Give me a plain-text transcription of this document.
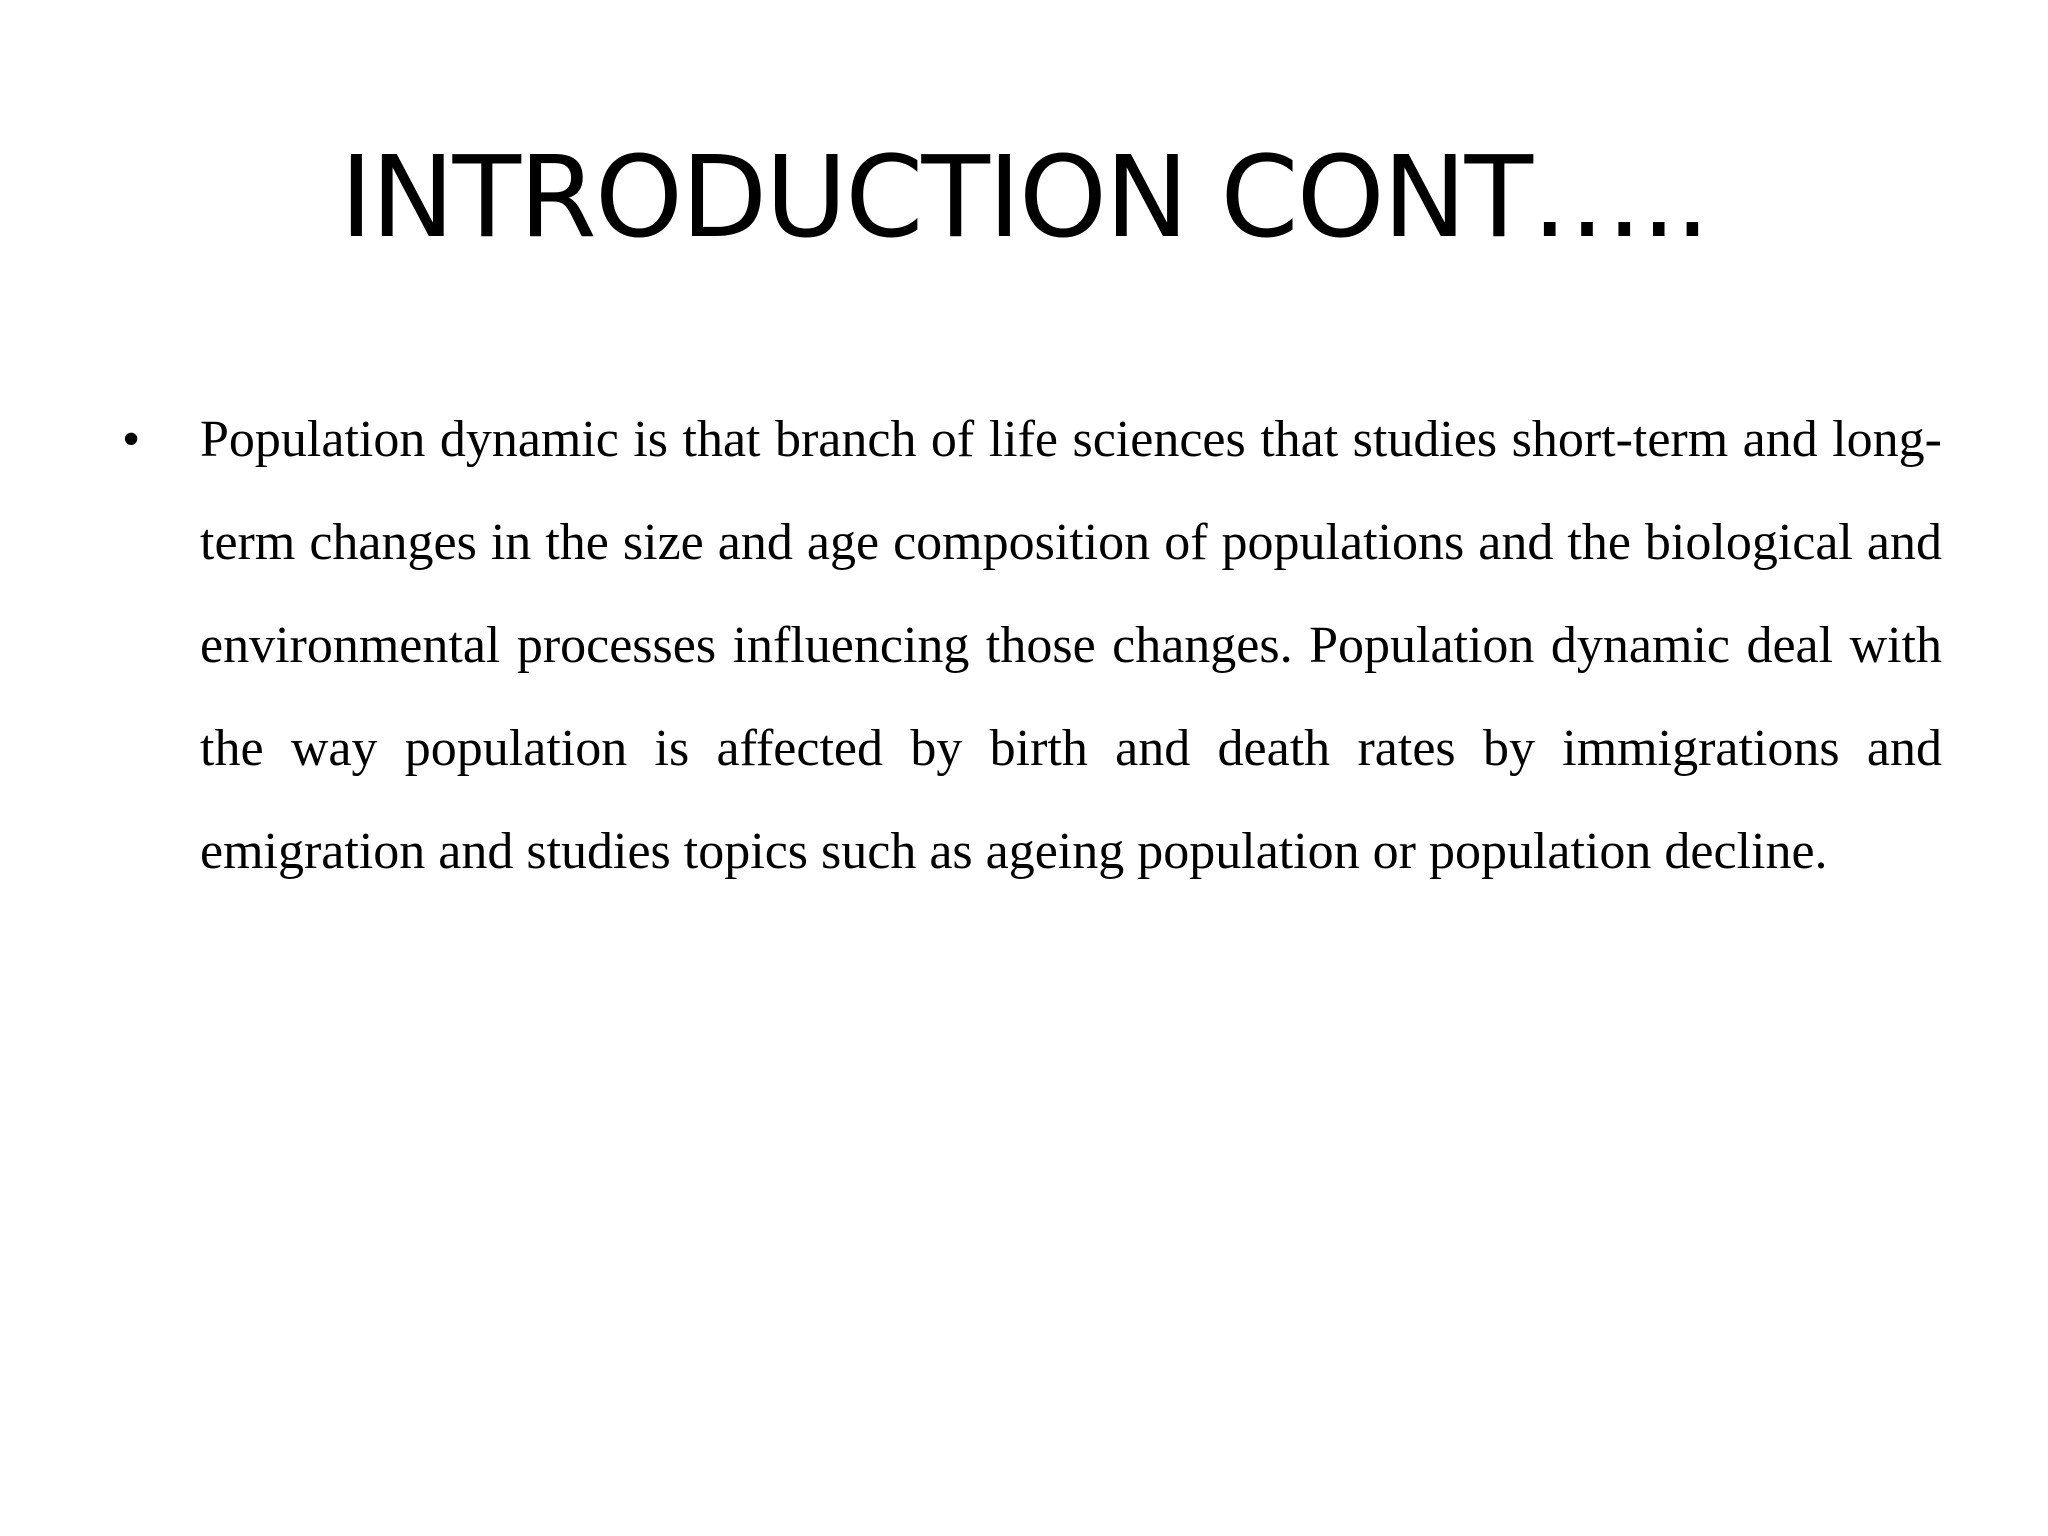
INTRODUCTION CONT…..
•	Population dynamic is that branch of life sciences that studies short-term and long-term changes in the size and age composition of populations and the biological and environmental processes influencing those changes. Population dynamic deal with the way population is affected by birth and death rates by immigrations and emigration and studies topics such as ageing population or population decline.
